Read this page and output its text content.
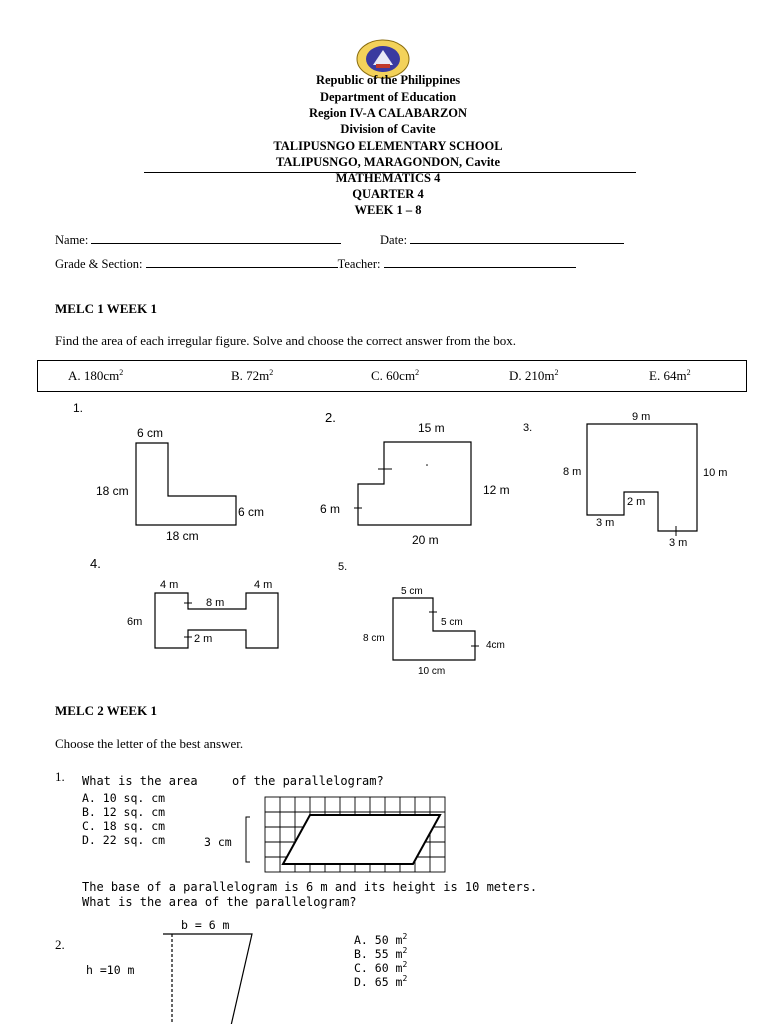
Republic of the Philippines
Department of Education
Region IV-A CALABARZON
Division of Cavite
TALIPUSNGO ELEMENTARY SCHOOL
TALIPUSNGO, MARAGONDON, Cavite
MATHEMATICS 4
QUARTER 4
WEEK 1 – 8
Name:	Date:
Grade & Section:	Teacher:
MELC 1 WEEK 1
Find the area of each irregular figure. Solve and choose the correct answer from the box.
A. $180cm^2$	B. $72m^2$	C. $60cm^2$	D. $210m^2$	E. $64m^2$
1.
6 cm
18 cm
6 cm
18 cm
2.
15 m
12 m
6 m
20 m
3.
9 m
8 m	10 m
2 m
3 m
3 m
4.
4 m	4 m
8 m
6m
2 m
5.
5 cm
5 cm
8 cm
4cm
10 cm
MELC 2 WEEK 1
Choose the letter of the best answer.
1. What is the area	of the parallelogram?
A. 10 sq. cm
B. 12 sq. cm
C. 18 sq. cm
D. 22 sq. cm	3 cm
The base of a parallelogram is 6 m and its height is 10 meters.
What is the area of the parallelogram?
2.
b = 6 m
h =10 m
A. 50 $m^2$
B. 55 $m^2$
C. 60 $m^2$
D. 65 $m^2$
